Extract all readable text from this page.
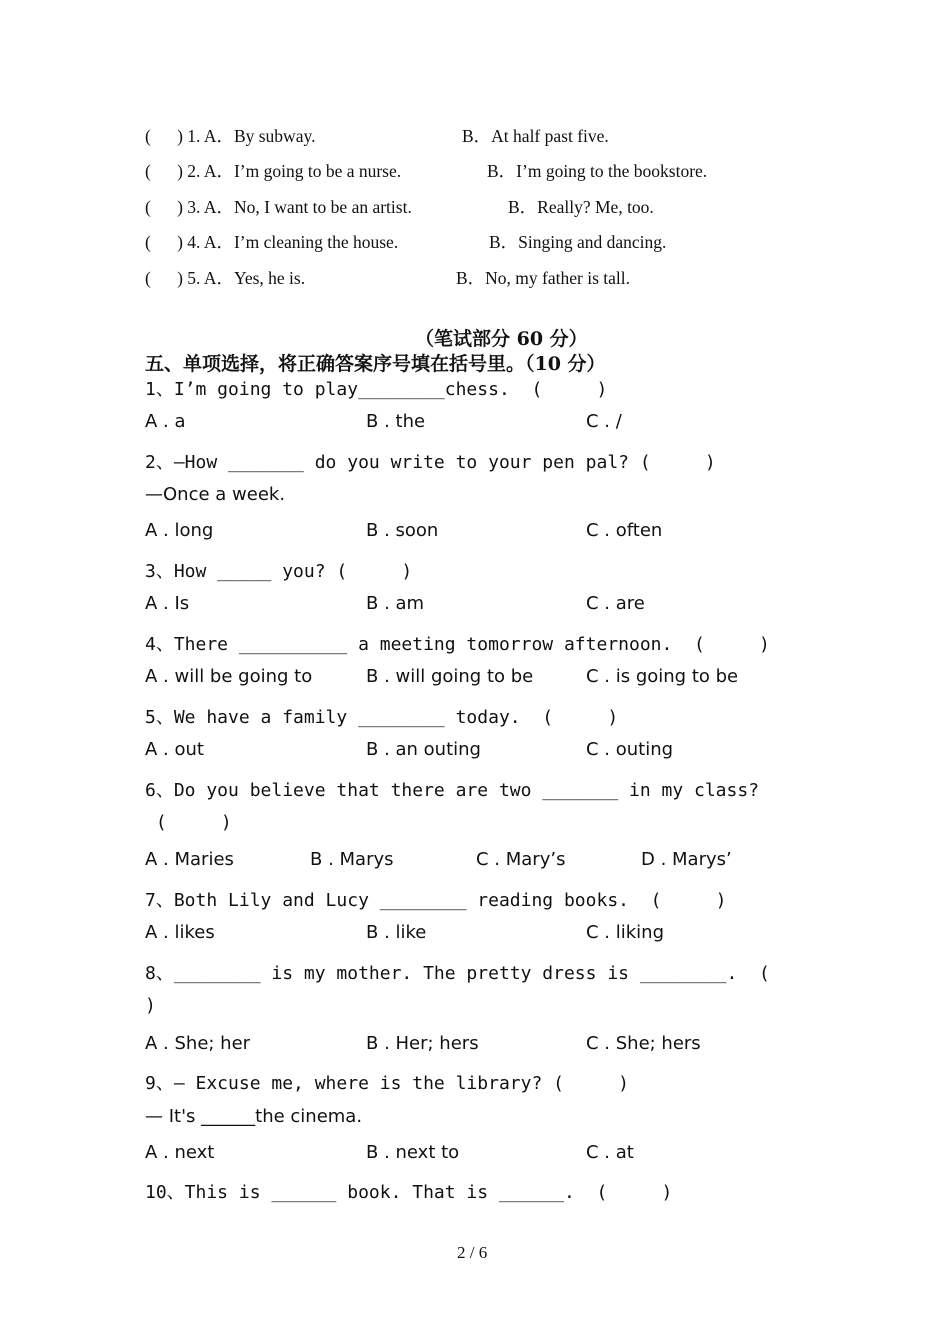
(      ) 1. A．By subway.	B．At half past five.
(      ) 2. A．I’m going to be a nurse.	B．I’m going to the bookstore.
(      ) 3. A．No, I want to be an artist.	B．Really? Me, too.
(      ) 4. A．I’m cleaning the house.	B．Singing and dancing.
(      ) 5. A．Yes, he is.	B．No, my father is tall.
（笔试部分 60 分）
五、单项选择，将正确答案序号填在括号里。（10 分）
1、I’m going to play________chess.  (     )
A . a	B . the	C . /
2、—How _______ do you write to your pen pal? (     )
—Once a week.
A . long	B . soon	C . often
3、How _____ you? (     )
A . Is	B . am	C . are
4、There __________ a meeting tomorrow afternoon.  (     )
A . will be going to	B . will going to be	C . is going to be
5、We have a family ________ today.  (     )
A . out	B . an outing	C . outing
6、Do you believe that there are two _______ in my class?
(     )
A . Maries	B . Marys	C . Mary’s	D . Marys’
7、Both Lily and Lucy ________ reading books.  (     )
A . likes	B . like	C . liking
8、________ is my mother. The pretty dress is ________.  (
)
A . She; her	B . Her; hers	C . She; hers
9、— Excuse me, where is the library? (     )
— It's ______the cinema.
A . next	B . next to	C . at
10、This is ______ book. That is ______.  (     )
2 / 6
